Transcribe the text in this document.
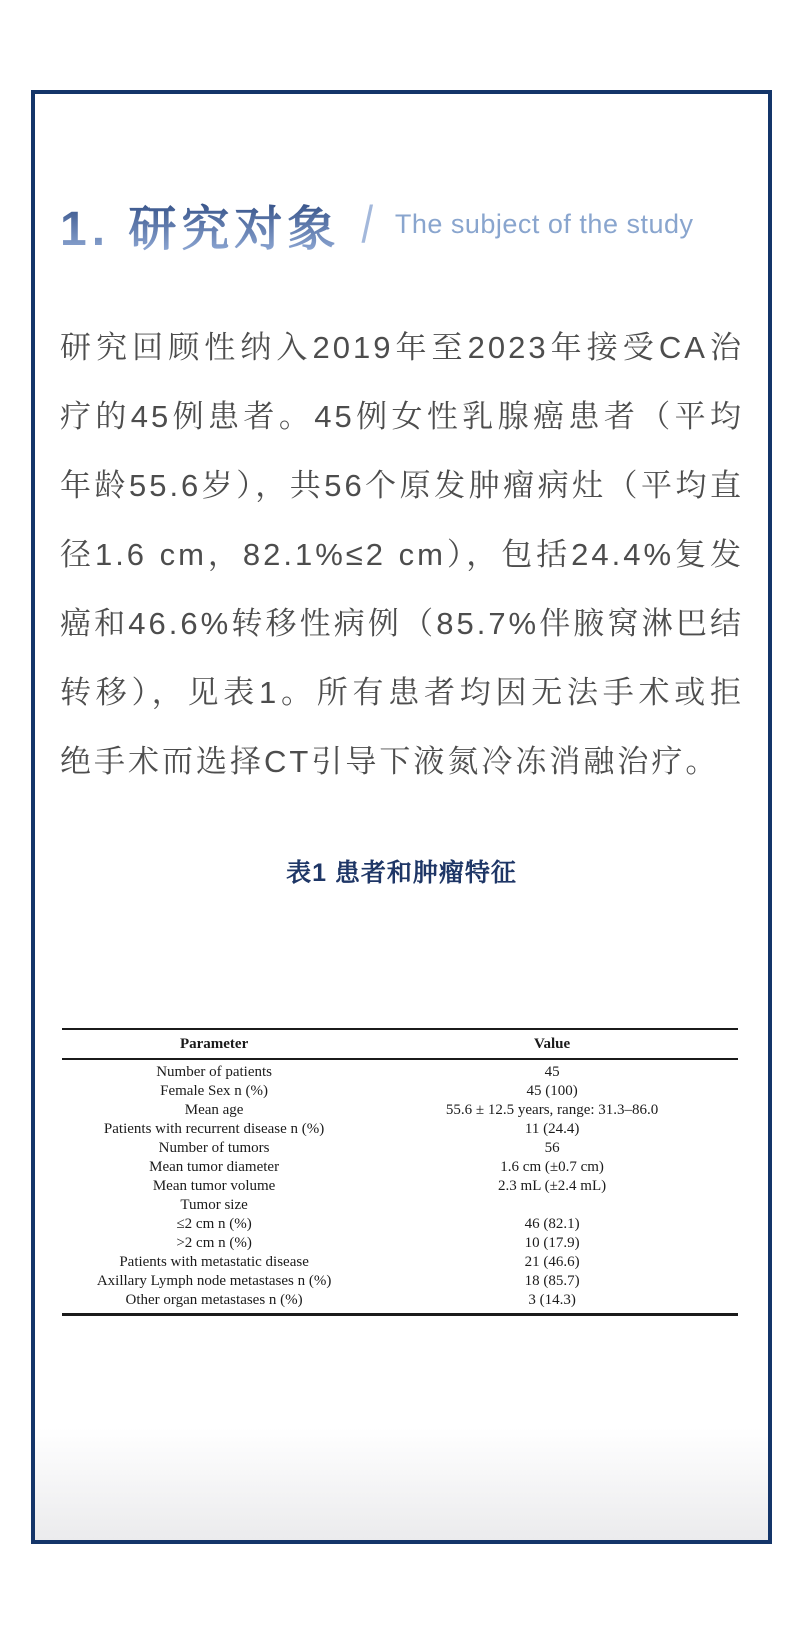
1. 研究对象 / The subject of the study

研究回顾性纳入2019年至2023年接受CA治疗的45例患者。45例女性乳腺癌患者（平均年龄55.6岁），共56个原发肿瘤病灶（平均直径1.6 cm，82.1%≤2 cm），包括24.4%复发癌和46.6%转移性病例（85.7%伴腋窝淋巴结转移），见表1。所有患者均因无法手术或拒绝手术而选择CT引导下液氮冷冻消融治疗。

表1 患者和肿瘤特征
Parameter	Value
Number of patients	45
Female Sex n (%)	45 (100)
Mean age	55.6 ± 12.5 years, range: 31.3–86.0
Patients with recurrent disease n (%)	11 (24.4)
Number of tumors	56
Mean tumor diameter	1.6 cm (±0.7 cm)
Mean tumor volume	2.3 mL (±2.4 mL)
Tumor size	
≤2 cm n (%)	46 (82.1)
>2 cm n (%)	10 (17.9)
Patients with metastatic disease	21 (46.6)
Axillary Lymph node metastases n (%)	18 (85.7)
Other organ metastases n (%)	3 (14.3)
